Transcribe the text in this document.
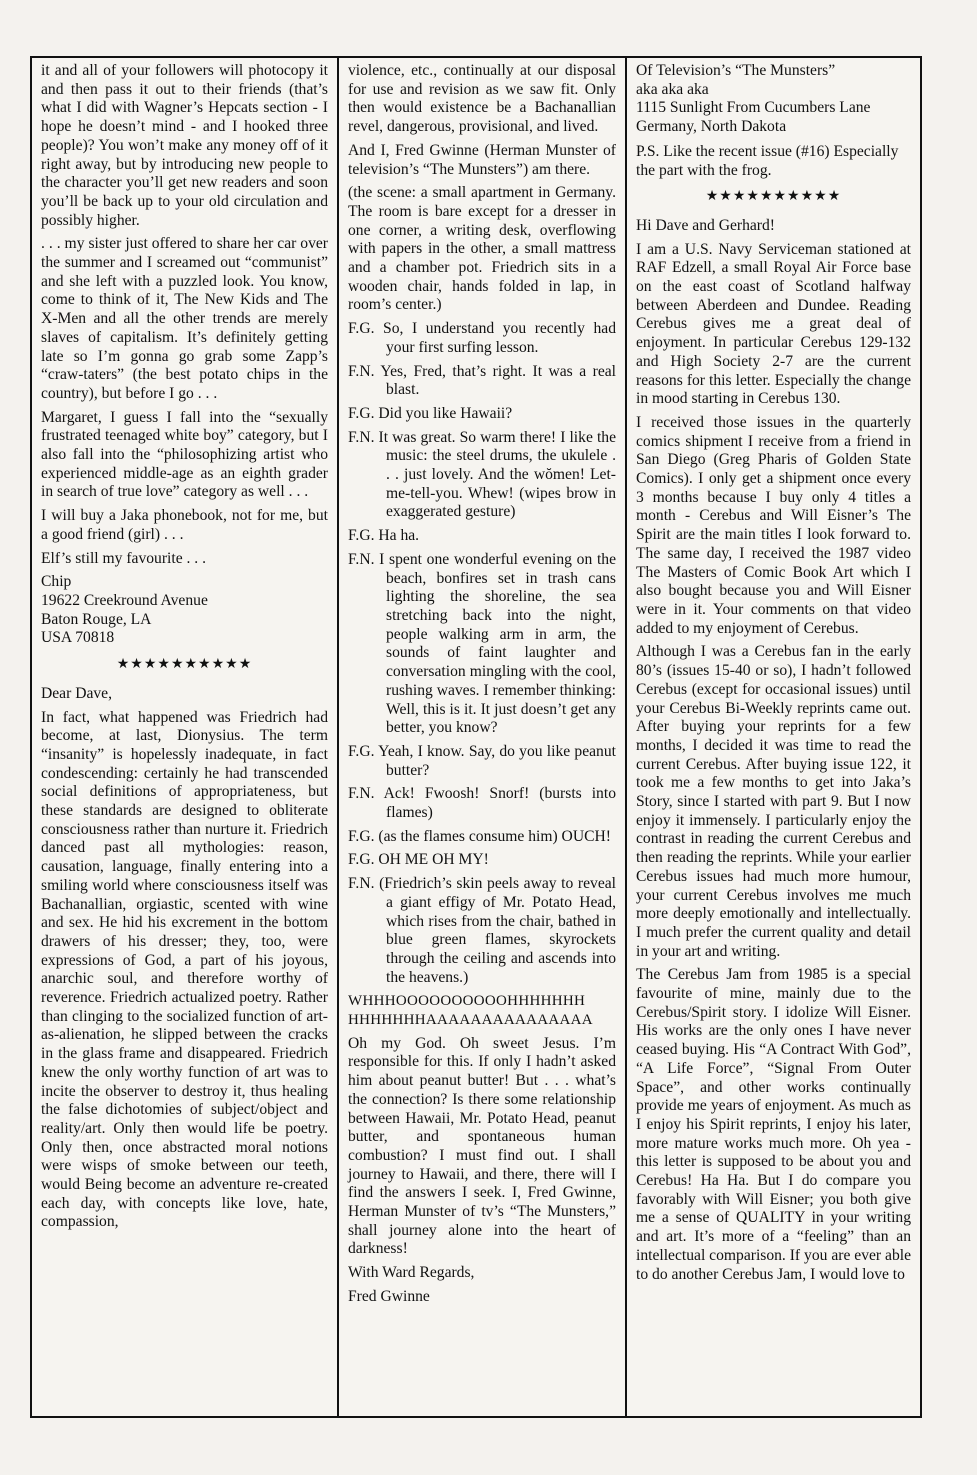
it and all of your followers will photocopy it and then pass it out to their friends (that’s what I did with Wagner’s Hepcats section - I hope he doesn’t mind - and I hooked three people)? You won’t make any money off of it right away, but by introducing new people to the character you’ll get new readers and soon you’ll be back up to your old circulation and possibly higher.

. . . my sister just offered to share her car over the summer and I screamed out “communist” and she left with a puzzled look. You know, come to think of it, The New Kids and The X-Men and all the other trends are merely slaves of capitalism. It’s definitely getting late so I’m gonna go grab some Zapp’s “craw-taters” (the best potato chips in the country), but before I go . . .

Margaret, I guess I fall into the “sexually frustrated teenaged white boy” category, but I also fall into the “philosophizing artist who experienced middle-age as an eighth grader in search of true love” category as well . . .

I will buy a Jaka phonebook, not for me, but a good friend (girl) . . .

Elf’s still my favourite . . .

Chip

19622 Creekround Avenue

Baton Rouge, LA

USA 70818

★★★★★★★★★★

Dear Dave,

In fact, what happened was Friedrich had become, at last, Dionysius. The term “insanity” is hopelessly inadequate, in fact condescending: certainly he had transcended social definitions of appropriateness, but these standards are designed to obliterate consciousness rather than nurture it. Friedrich danced past all mythologies: reason, causation, language, finally entering into a smiling world where consciousness itself was Bachanallian, orgiastic, scented with wine and sex. He hid his excrement in the bottom drawers of his dresser; they, too, were expressions of God, a part of his joyous, anarchic soul, and therefore worthy of reverence. Friedrich actualized poetry. Rather than clinging to the socialized function of art-as-alienation, he slipped between the cracks in the glass frame and disappeared. Friedrich knew the only worthy function of art was to incite the observer to destroy it, thus healing the false dichotomies of subject/object and reality/art. Only then would life be poetry. Only then, once abstracted moral notions were wisps of smoke between our teeth, would Being become an adventure re-created each day, with concepts like love, hate, compassion,

violence, etc., continually at our disposal for use and revision as we saw fit. Only then would existence be a Bachanallian revel, dangerous, provisional, and lived.

And I, Fred Gwinne (Herman Munster of television’s “The Munsters”) am there.

(the scene: a small apartment in Germany. The room is bare except for a dresser in one corner, a writing desk, overflowing with papers in the other, a small mattress and a chamber pot. Friedrich sits in a wooden chair, hands folded in lap, in room’s center.)

F.G. So, I understand you recently had your first surfing lesson.

F.N. Yes, Fred, that’s right. It was a real blast.

F.G. Did you like Hawaii?

F.N. It was great. So warm there! I like the music: the steel drums, the ukulele . . . just lovely. And the wŏmen! Let-me-tell-you. Whew! (wipes brow in exaggerated gesture)

F.G. Ha ha.

F.N. I spent one wonderful evening on the beach, bonfires set in trash cans lighting the shoreline, the sea stretching back into the night, people walking arm in arm, the sounds of faint laughter and conversation mingling with the cool, rushing waves. I remember thinking: Well, this is it. It just doesn’t get any better, you know?

F.G. Yeah, I know. Say, do you like peanut butter?

F.N. Ack! Fwoosh! Snorf! (bursts into flames)

F.G. (as the flames consume him) OUCH!

F.G. OH ME OH MY!

F.N. (Friedrich’s skin peels away to reveal a giant effigy of Mr. Potato Head, which rises from the chair, bathed in blue green flames, skyrockets through the ceiling and ascends into the heavens.)

WHHHOOOOOOOOOOHHHHHHH

HHHHHHHAAAAAAAAAAAAAAA

Oh my God. Oh sweet Jesus. I’m responsible for this. If only I hadn’t asked him about peanut butter! But . . . what’s the connection? Is there some relationship between Hawaii, Mr. Potato Head, peanut butter, and spontaneous human combustion? I must find out. I shall journey to Hawaii, and there, there will I find the answers I seek. I, Fred Gwinne, Herman Munster of tv’s “The Munsters,” shall journey alone into the heart of darkness!

With Ward Regards,

Fred Gwinne

Of Television’s “The Munsters”

aka aka aka

1115 Sunlight From Cucumbers Lane

Germany, North Dakota

P.S. Like the recent issue (#16) Especially the part with the frog.

★★★★★★★★★★

Hi Dave and Gerhard!

I am a U.S. Navy Serviceman stationed at RAF Edzell, a small Royal Air Force base on the east coast of Scotland halfway between Aberdeen and Dundee. Reading Cerebus gives me a great deal of enjoyment. In particular Cerebus 129-132 and High Society 2-7 are the current reasons for this letter. Especially the change in mood starting in Cerebus 130.

I received those issues in the quarterly comics shipment I receive from a friend in San Diego (Greg Pharis of Golden State Comics). I only get a shipment once every 3 months because I buy only 4 titles a month - Cerebus and Will Eisner’s The Spirit are the main titles I look forward to. The same day, I received the 1987 video The Masters of Comic Book Art which I also bought because you and Will Eisner were in it. Your comments on that video added to my enjoyment of Cerebus.

Although I was a Cerebus fan in the early 80’s (issues 15-40 or so), I hadn’t followed Cerebus (except for occasional issues) until your Cerebus Bi-Weekly reprints came out. After buying your reprints for a few months, I decided it was time to read the current Cerebus. After buying issue 122, it took me a few months to get into Jaka’s Story, since I started with part 9. But I now enjoy it immensely. I particularly enjoy the contrast in reading the current Cerebus and then reading the reprints. While your earlier Cerebus issues had much more humour, your current Cerebus involves me much more deeply emotionally and intellectually. I much prefer the current quality and detail in your art and writing.

The Cerebus Jam from 1985 is a special favourite of mine, mainly due to the Cerebus/Spirit story. I idolize Will Eisner. His works are the only ones I have never ceased buying. His “A Contract With God”, “A Life Force”, “Signal From Outer Space”, and other works continually provide me years of enjoyment. As much as I enjoy his Spirit reprints, I enjoy his later, more mature works much more. Oh yea - this letter is supposed to be about you and Cerebus! Ha Ha. But I do compare you favorably with Will Eisner; you both give me a sense of QUALITY in your writing and art. It’s more of a “feeling” than an intellectual comparison. If you are ever able to do another Cerebus Jam, I would love to
